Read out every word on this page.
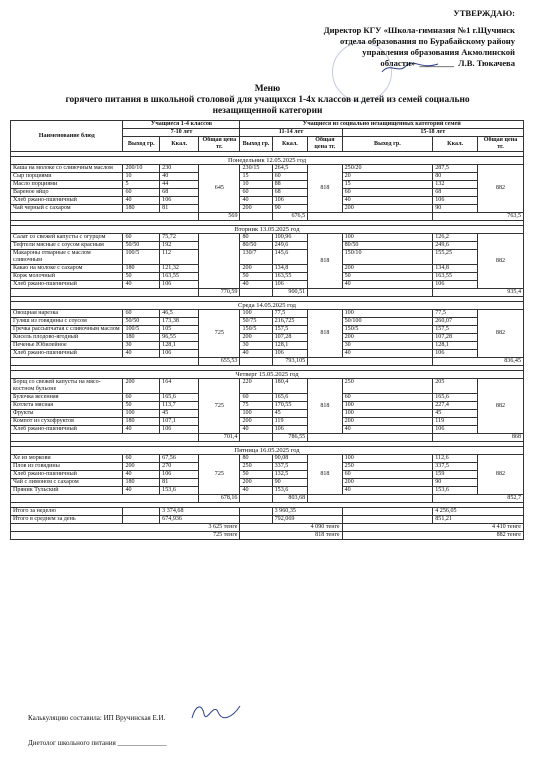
УТВЕРЖДАЮ:
Директор КГУ «Школа-гимназия №1 г.Щучинск
отдела образования по Бурабайскому району
управления образования Акмолинской
области»  ________  Л.В. Тюкачева
Меню
горячего питания в школьной столовой для учащихся 1-4х классов и детей из семей социально незащищенной категории
Наименование блюд	Учащиеся 1-4 классов			Учащиеся из социально незащищенных категорий семей					
	7-10 лет			11-14 лет			15-18 лет		
	Выход гр.	Ккал.	Общая цена тг.	Выход гр.	Ккал.	Общая цена тг.	Выход гр.	Ккал.	Общая цена тг.

Понедельник 12.05.2025 год									
Каша на молоке со сливочным маслом	200/10	230	645	230/15	264,5	818	250/20	287,5	882
Сыр порциями	10	40		15	60		20	80	
Масло порциями	5	44		10	88		15	132	
Вареное яйцо	60	68		60	68		60	68	
Хлеб ржано-пшеничный	40	106		40	106		40	106	
Чай черный с сахаром	180	81		200	90		200	90	
			569		676,5			763,5	

Вторник 13.05.2025 год									
Салат со свежей капусты с огурцом	60	75,72		80	100,96	818	100	126,2	882
Тефтели мясные с соусом красным	50/50	192		80/50	249,6		80/50	249,6	
Макароны отварные с маслом сливочным	100/5	112		130/7	145,6		150/10	155,25	
Какао на молоке с сахаром	180	121,32		200	134,8		200	134,8	
Корж молочный	50	163,55		50	163,55		50	163,55	
Хлеб ржано-пшеничный	40	106		40	106		40	106	
			770,59		900,51			935,4	

Среда 14.05.2025 год									
Овощная нарезка	60	46,5	725	100	77,5	818	100	77,5	882
Гуляш из говядины с соусом	50/50	173,38		50/75	216,725		50/100	260,07	
Гречка рассыпчатая с сливочным маслом	100/5	105		150/5	157,5		150/5	157,5	
Кисель плодово-ягодный	180	96,55		200	107,28		200	107,28	
Печенье Юбилейное	30	128,1		30	128,1		30	128,1	
Хлеб ржано-пшеничный	40	106		40	106		40	106	
			655,53		793,105			836,45	

Четверг 15.05.2025 год									
Борщ со свежей капусты на мясо-костном бульоне	200	164	725	220	180,4	818	250	205	882
Булочка весенняя	60	165,6		60	165,6		60	165,6	
Котлета мясная	50	113,7		75	170,55		100	227,4	
Фрукты	100	45		100	45		100	45	
Компот из сухофруктов	180	107,1		200	119		200	119	
Хлеб ржано-пшеничный	40	106		40	106		40	106	
			701,4		786,55			868	

Пятница 16.05.2025 год									
Хе из моркови	60	67,56	725	80	90,08	818	100	112,6	882
Плов из говядины	200	270		250	337,5		250	337,5	
Хлеб ржано-пшеничный	40	106		50	132,5		60	159	
Чай с лимоном с сахаром	180	81		200	90		200	90	
Пряник Тульский	40	153,6		40	153,6		40	153,6	
			678,16		803,68			852,7	

Итого за неделю		3 374,68			3 960,35			4 256,05	
Итого в среднем за день		674,936			792,069			851,21	
3 625 тенге				4 090 тенге			4 410 тенге		
725 тенге				818 тенге			882 тенге		
Калькуляцию составила: ИП Вручинская Е.И.
Диетолог школьного питания ______________
